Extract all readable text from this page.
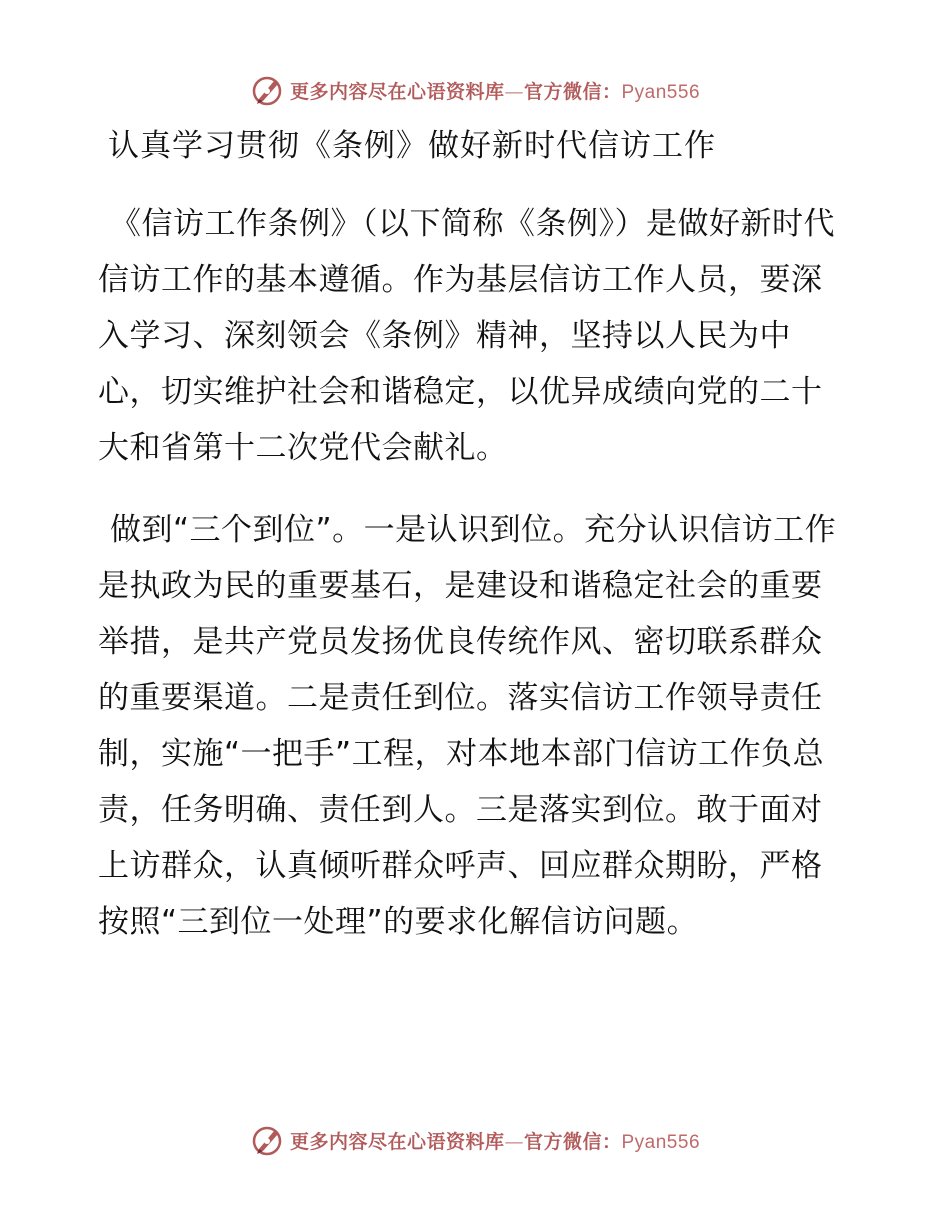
更多内容尽在心语资料库—官方微信：Pyan556
认真学习贯彻《条例》做好新时代信访工作

《信访工作条例》（以下简称《条例》）是做好新时代信访工作的基本遵循。作为基层信访工作人员，要深入学习、深刻领会《条例》精神，坚持以人民为中心，切实维护社会和谐稳定，以优异成绩向党的二十大和省第十二次党代会献礼。

做到“三个到位”。一是认识到位。充分认识信访工作是执政为民的重要基石，是建设和谐稳定社会的重要举措，是共产党员发扬优良传统作风、密切联系群众的重要渠道。二是责任到位。落实信访工作领导责任制，实施“一把手”工程，对本地本部门信访工作负总责，任务明确、责任到人。三是落实到位。敢于面对上访群众，认真倾听群众呼声、回应群众期盼，严格按照“三到位一处理”的要求化解信访问题。

更多内容尽在心语资料库—官方微信：Pyan556
